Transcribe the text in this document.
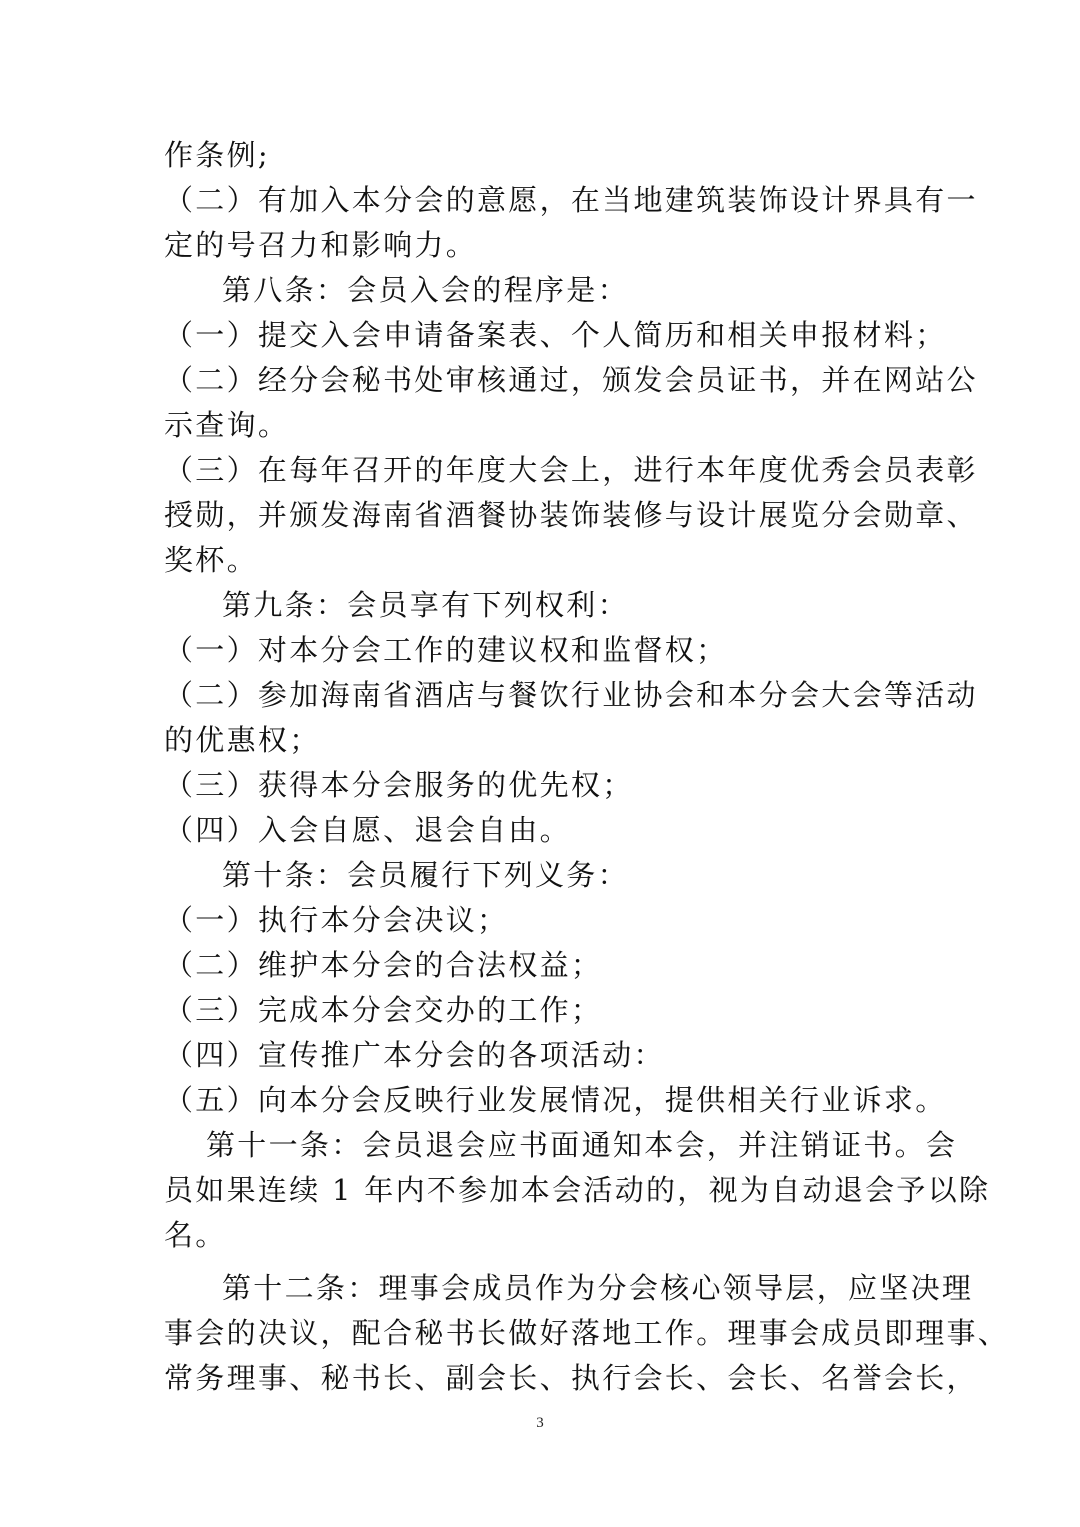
作条例;
（二）有加入本分会的意愿，在当地建筑装饰设计界具有一
定的号召力和影响力。
第八条：会员入会的程序是：
（一）提交入会申请备案表、个人简历和相关申报材料；
（二）经分会秘书处审核通过，颁发会员证书，并在网站公
示查询。
（三）在每年召开的年度大会上，进行本年度优秀会员表彰
授勋，并颁发海南省酒餐协装饰装修与设计展览分会勋章、
奖杯。
第九条：会员享有下列权利：
（一）对本分会工作的建议权和监督权；
（二）参加海南省酒店与餐饮行业协会和本分会大会等活动
的优惠权；
（三）获得本分会服务的优先权；
（四）入会自愿、退会自由。
第十条：会员履行下列义务：
（一）执行本分会决议；
（二）维护本分会的合法权益；
（三）完成本分会交办的工作；
（四）宣传推广本分会的各项活动：
（五）向本分会反映行业发展情况，提供相关行业诉求。
第十一条：会员退会应书面通知本会，并注销证书。会
员如果连续 1 年内不参加本会活动的，视为自动退会予以除
名。
第十二条：理事会成员作为分会核心领导层，应坚决理
事会的决议，配合秘书长做好落地工作。理事会成员即理事、
常务理事、秘书长、副会长、执行会长、会长、名誉会长，
3
